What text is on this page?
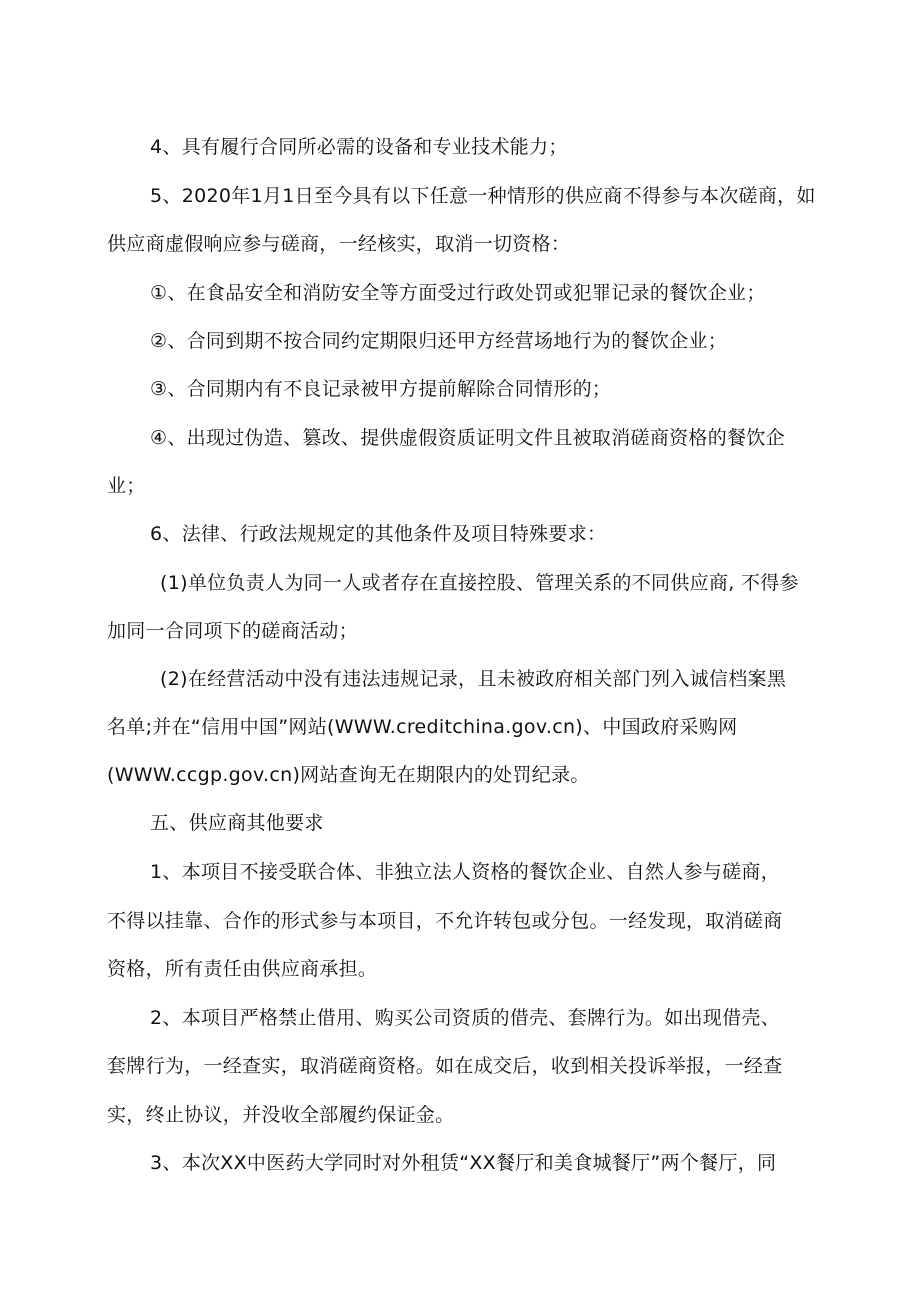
4、具有履行合同所必需的设备和专业技术能力；
5、2020年1月1日至今具有以下任意一种情形的供应商不得参与本次磋商，如
供应商虚假响应参与磋商，一经核实，取消一切资格：
①、在食品安全和消防安全等方面受过行政处罚或犯罪记录的餐饮企业；
②、合同到期不按合同约定期限归还甲方经营场地行为的餐饮企业；
③、合同期内有不良记录被甲方提前解除合同情形的；
④、出现过伪造、篡改、提供虚假资质证明文件且被取消磋商资格的餐饮企
业；
6、法律、行政法规规定的其他条件及项目特殊要求：
(1)单位负责人为同一人或者存在直接控股、管理关系的不同供应商, 不得参
加同一合同项下的磋商活动；
(2)在经营活动中没有违法违规记录，且未被政府相关部门列入诚信档案黑
名单;并在“信用中国”网站(WWW.creditchina.gov.cn)、中国政府采购网
(WWW.ccgp.gov.cn)网站查询无在期限内的处罚纪录。
五、供应商其他要求
1、本项目不接受联合体、非独立法人资格的餐饮企业、自然人参与磋商，
不得以挂靠、合作的形式参与本项目，不允许转包或分包。一经发现，取消磋商
资格，所有责任由供应商承担。
2、本项目严格禁止借用、购买公司资质的借壳、套牌行为。如出现借壳、
套牌行为，一经查实，取消磋商资格。如在成交后，收到相关投诉举报，一经查
实，终止协议，并没收全部履约保证金。
3、本次XX中医药大学同时对外租赁“XX餐厅和美食城餐厅”两个餐厅，同
